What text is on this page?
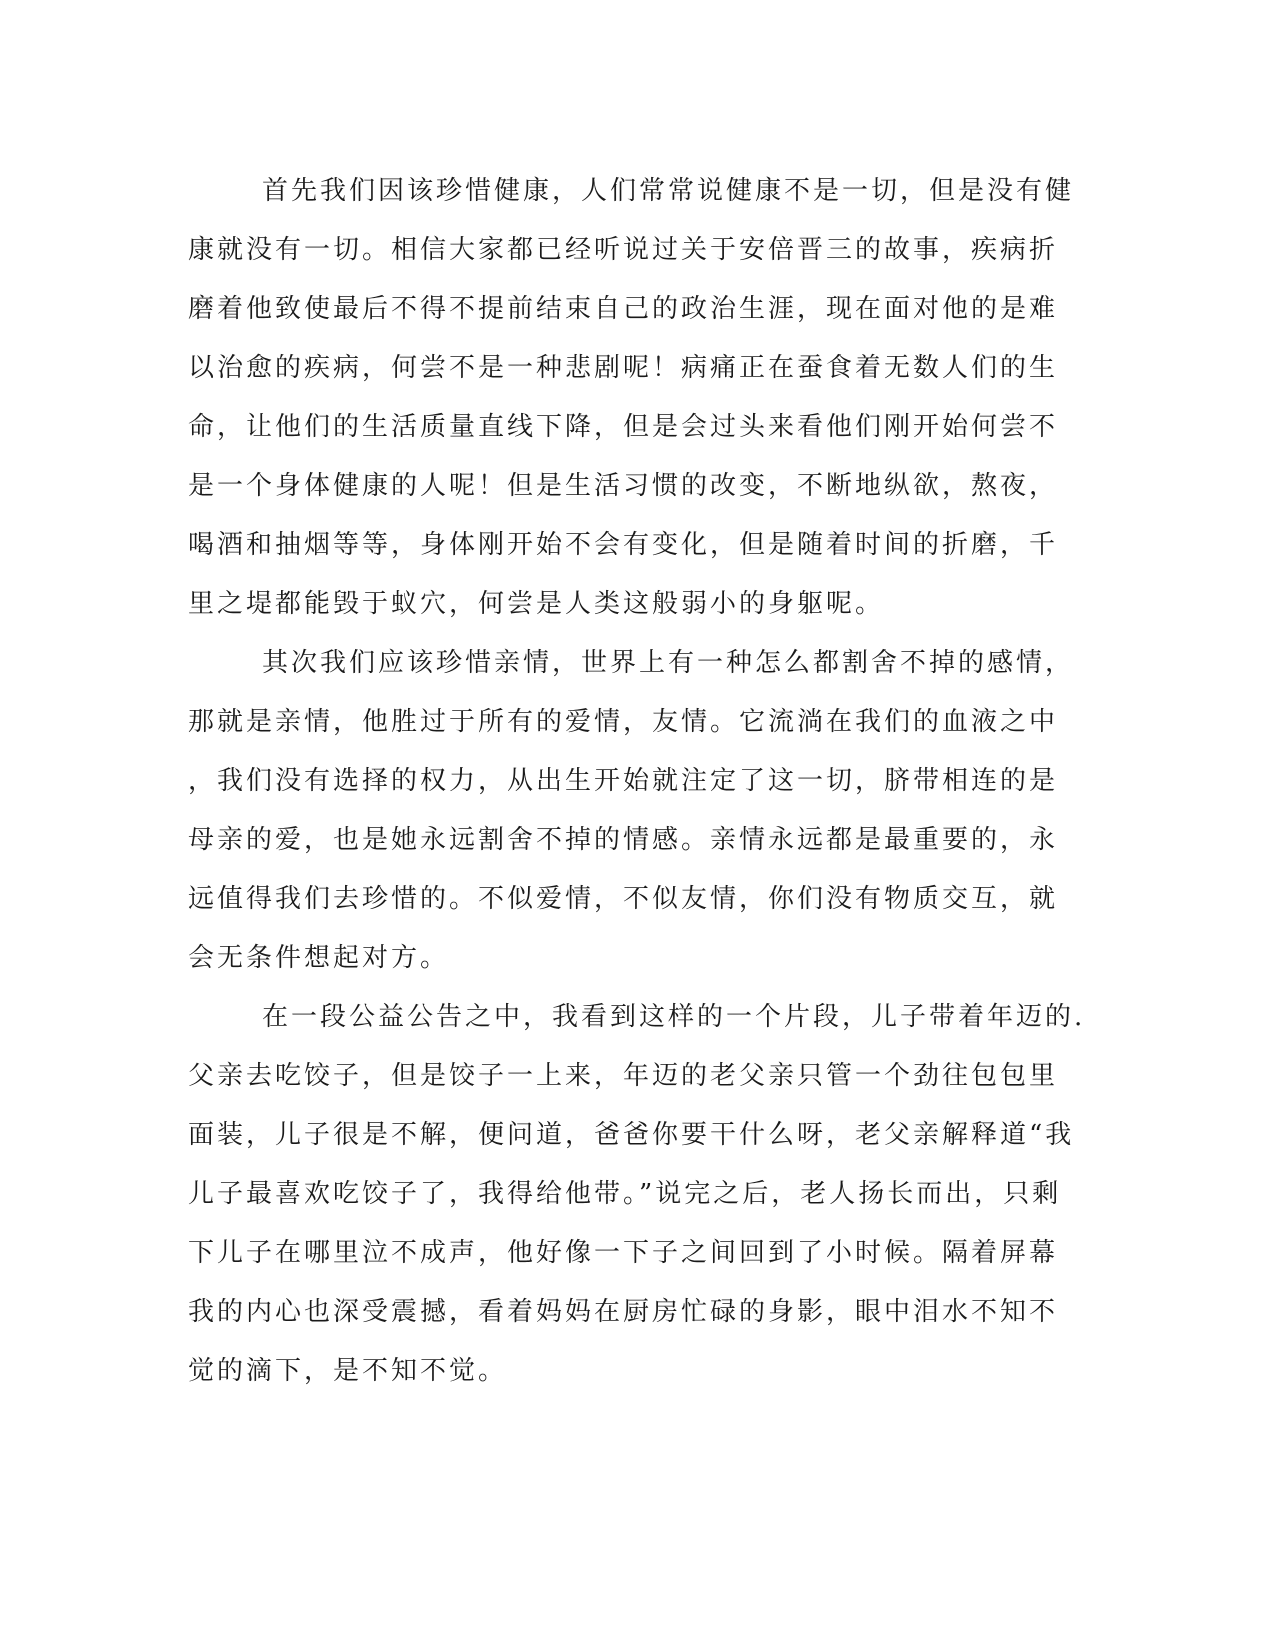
首先我们因该珍惜健康，人们常常说健康不是一切，但是没有健

康就没有一切。相信大家都已经听说过关于安倍晋三的故事，疾病折

磨着他致使最后不得不提前结束自己的政治生涯，现在面对他的是难

以治愈的疾病，何尝不是一种悲剧呢！病痛正在蚕食着无数人们的生

命，让他们的生活质量直线下降，但是会过头来看他们刚开始何尝不

是一个身体健康的人呢！但是生活习惯的改变，不断地纵欲，熬夜，

喝酒和抽烟等等，身体刚开始不会有变化，但是随着时间的折磨，千

里之堤都能毁于蚁穴，何尝是人类这般弱小的身躯呢。

其次我们应该珍惜亲情，世界上有一种怎么都割舍不掉的感情，

那就是亲情，他胜过于所有的爱情，友情。它流淌在我们的血液之中

，我们没有选择的权力，从出生开始就注定了这一切，脐带相连的是

母亲的爱，也是她永远割舍不掉的情感。亲情永远都是最重要的，永

远值得我们去珍惜的。不似爱情，不似友情，你们没有物质交互，就

会无条件想起对方。

在一段公益公告之中，我看到这样的一个片段，儿子带着年迈的.

父亲去吃饺子，但是饺子一上来，年迈的老父亲只管一个劲往包包里

面装，儿子很是不解，便问道，爸爸你要干什么呀，老父亲解释道“我

儿子最喜欢吃饺子了，我得给他带。”说完之后，老人扬长而出，只剩

下儿子在哪里泣不成声，他好像一下子之间回到了小时候。隔着屏幕

我的内心也深受震撼，看着妈妈在厨房忙碌的身影，眼中泪水不知不

觉的滴下，是不知不觉。
